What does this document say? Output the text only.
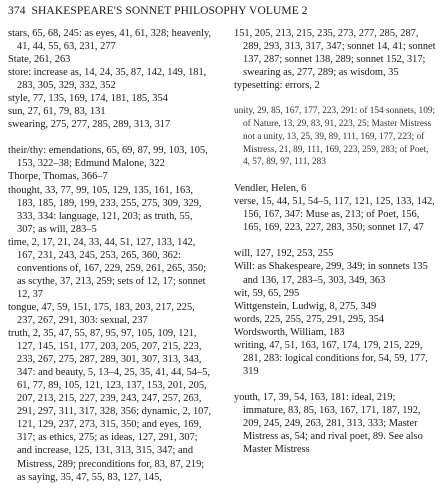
374 SHAKESPEARE'S SONNET PHILOSOPHY VOLUME 2

stars, 65, 68, 245: as eyes, 41, 61, 328; heavenly, 41, 44, 55, 63, 231, 277

State, 261, 263

store: increase as, 14, 24, 35, 87, 142, 149, 181, 283, 305, 329, 332, 352

style, 77, 135, 169, 174, 181, 185, 354

sun, 27, 61, 79, 83, 131

swearing, 275, 277, 285, 289, 313, 317

their/thy: emendations, 65, 69, 87, 99, 103, 105, 153, 322–38; Edmund Malone, 322

Thorpe, Thomas, 366–7

thought, 33, 77, 99, 105, 129, 135, 161, 163, 183, 185, 189, 199, 233, 255, 275, 309, 329, 333, 334: language, 121, 203; as truth, 55, 307; as will, 283–5

time, 2, 17, 21, 24, 33, 44, 51, 127, 133, 142, 167, 231, 243, 245, 253, 265, 360, 362: conventions of, 167, 229, 259, 261, 265, 350; as scythe, 37, 213, 259; sets of 12, 17; sonnet 12, 37

tongue, 47, 59, 151, 175, 183, 203, 217, 225, 237, 267, 291, 303: sexual, 237

truth, 2, 35, 47, 55, 87, 95, 97, 105, 109, 121, 127, 145, 151, 177, 203, 205, 207, 215, 223, 233, 267, 275, 287, 289, 301, 307, 313, 343, 347: and beauty, 5, 13–4, 25, 35, 41, 44, 54–5, 61, 77, 89, 105, 121, 123, 137, 153, 201, 205, 207, 213, 215, 227, 239, 243, 247, 257, 263, 291, 297, 311, 317, 328, 356; dynamic, 2, 107, 121, 129, 237, 273, 315, 350; and eyes, 169, 317; as ethics, 275; as ideas, 127, 291, 307; and increase, 125, 131, 313, 315, 347; and Mistress, 289; preconditions for, 83, 87, 219; as saying, 35, 47, 55, 83, 127, 145,

151, 205, 213, 215, 235, 273, 277, 285, 287, 289, 293, 313, 317, 347; sonnet 14, 41; sonnet 137, 287; sonnet 138, 289; sonnet 152, 317; swearing as, 277, 289; as wisdom, 35

typesetting: errors, 2

unity, 29, 85, 167, 177, 223, 291: of 154 sonnets, 109; of Nature, 13, 29, 83, 91, 223, 25; Master Mistress not a unity, 13, 25, 39, 89, 111, 169, 177, 223; of Mistress, 21, 89, 111, 169, 223, 259, 283; of Poet, 4, 57, 89, 97, 111, 283

Vendler, Helen, 6

verse, 15, 44, 51, 54–5, 117, 121, 125, 133, 142, 156, 167, 347: Muse as, 213; of Poet, 156, 165, 169, 223, 227, 283, 350; sonnet 17, 47

will, 127, 192, 253, 255

Will: as Shakespeare, 299, 349; in sonnets 135 and 136, 17, 283–5, 303, 349, 363

wit, 59, 65, 295

Wittgenstein, Ludwig, 8, 275, 349

words, 225, 255, 275, 291, 295, 354

Wordsworth, William, 183

writing, 47, 51, 163, 167, 174, 179, 215, 229, 281, 283: logical conditions for, 54, 59, 177, 319

youth, 17, 39, 54, 163, 181: ideal, 219; immature, 83, 85, 163, 167, 171, 187, 192, 209, 245, 249, 263, 281, 313, 333; Master Mistress as, 54; and rival poet, 89. See also Master Mistress
